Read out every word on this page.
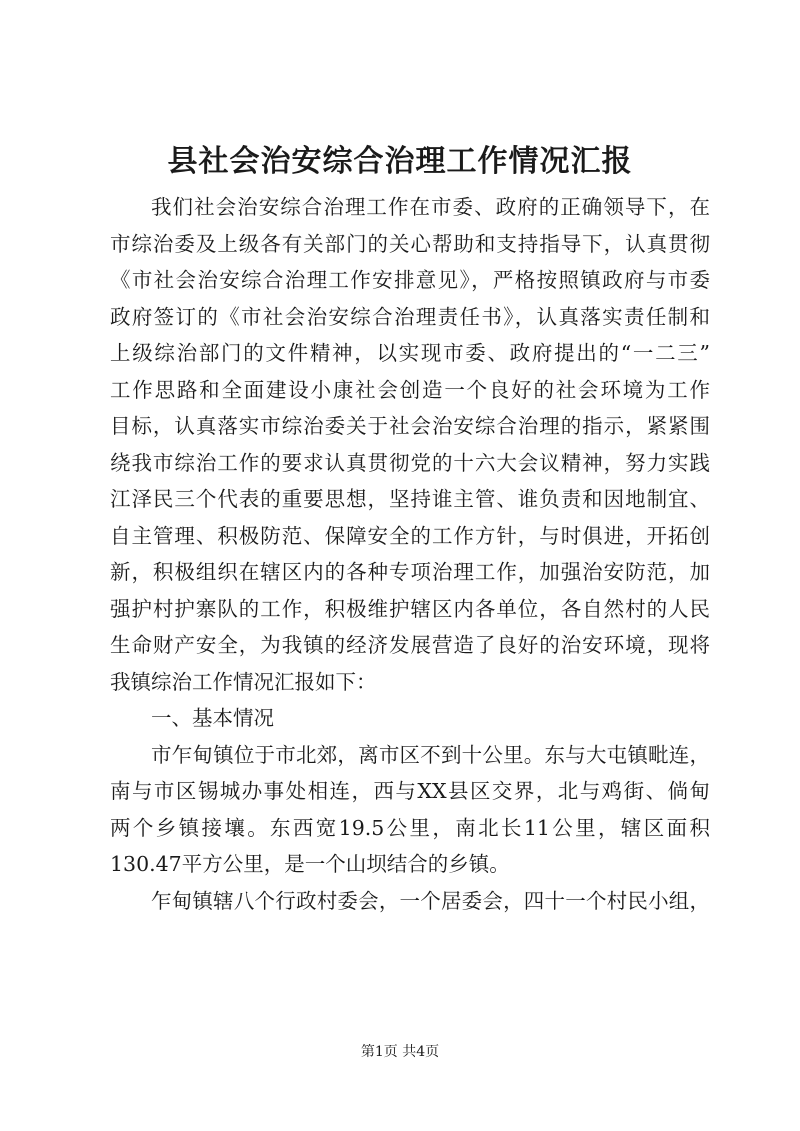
县社会治安综合治理工作情况汇报
我们社会治安综合治理工作在市委、政府的正确领导下，在
市综治委及上级各有关部门的关心帮助和支持指导下，认真贯彻
《市社会治安综合治理工作安排意见》，严格按照镇政府与市委
政府签订的《市社会治安综合治理责任书》，认真落实责任制和
上级综治部门的文件精神，以实现市委、政府提出的“一二三”
工作思路和全面建设小康社会创造一个良好的社会环境为工作
目标，认真落实市综治委关于社会治安综合治理的指示，紧紧围
绕我市综治工作的要求认真贯彻党的十六大会议精神，努力实践
江泽民三个代表的重要思想，坚持谁主管、谁负责和因地制宜、
自主管理、积极防范、保障安全的工作方针，与时俱进，开拓创
新，积极组织在辖区内的各种专项治理工作，加强治安防范，加
强护村护寨队的工作，积极维护辖区内各单位，各自然村的人民
生命财产安全，为我镇的经济发展营造了良好的治安环境，现将
我镇综治工作情况汇报如下：
一、基本情况
市乍甸镇位于市北郊，离市区不到十公里。东与大屯镇毗连，
南与市区锡城办事处相连，西与XX县区交界，北与鸡街、倘甸
两个乡镇接壤。东西宽19.5公里，南北长11公里，辖区面积
130.47平方公里，是一个山坝结合的乡镇。
乍甸镇辖八个行政村委会，一个居委会，四十一个村民小组，
第1页 共4页
